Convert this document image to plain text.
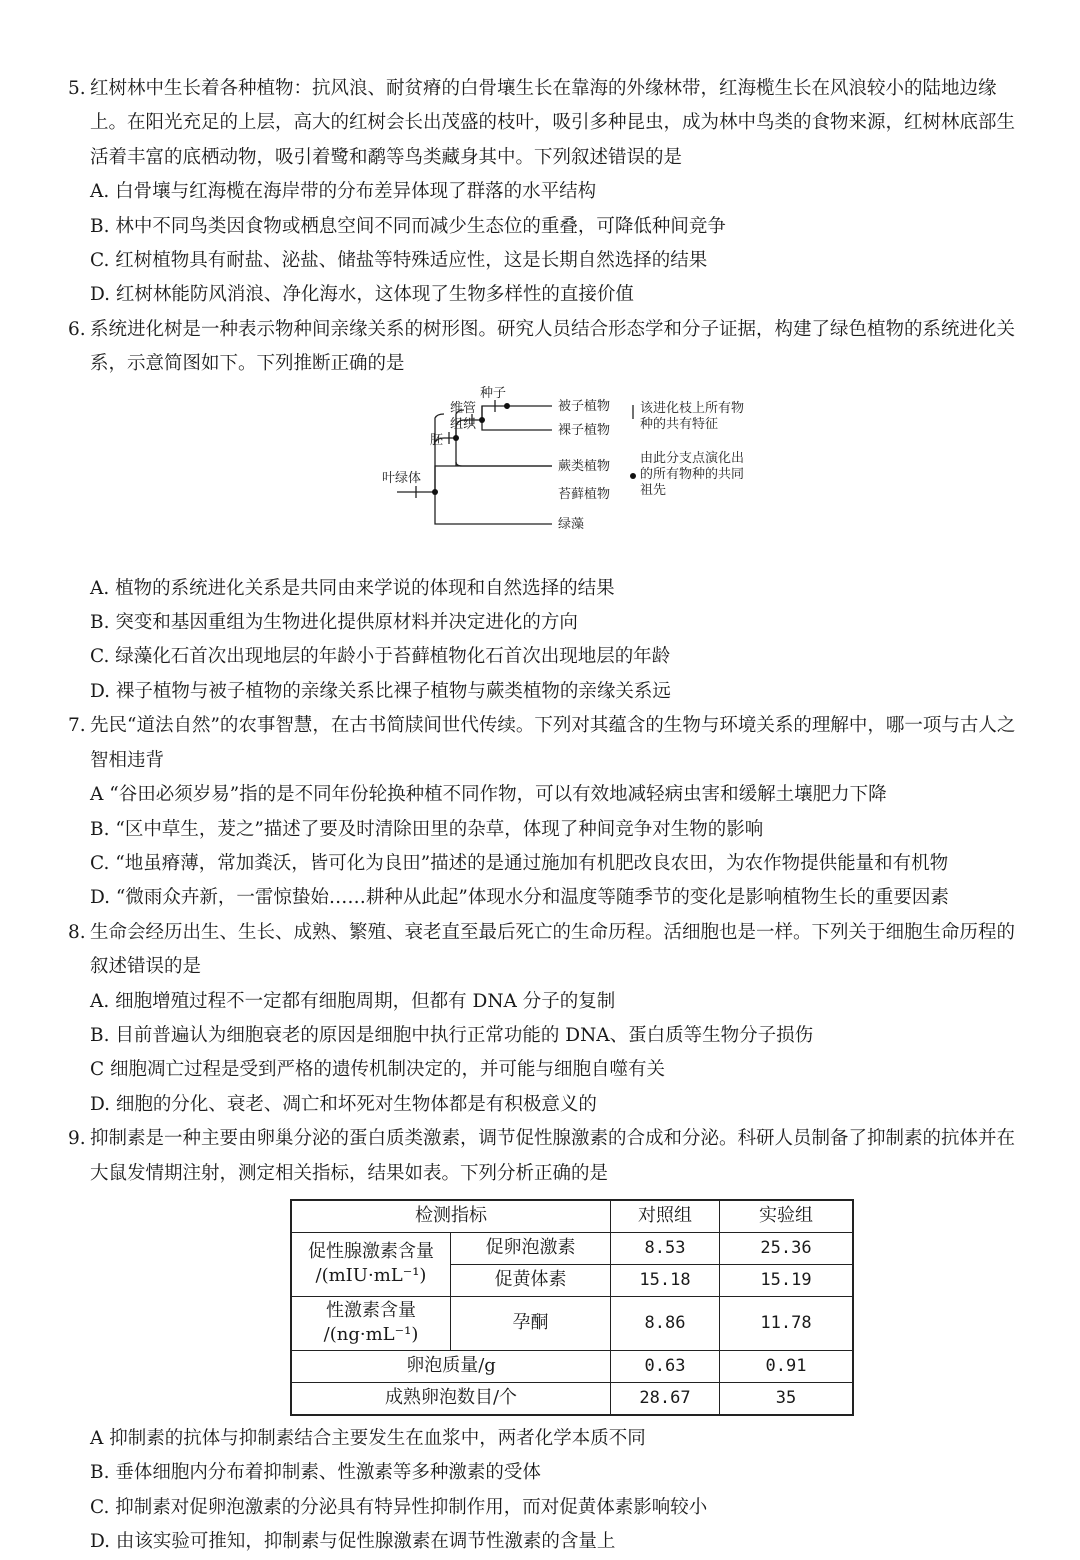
5. 红树林中生长着各种植物：抗风浪、耐贫瘠的白骨壤生长在靠海的外缘林带，红海榄生长在风浪较小的陆地边缘上。在阳光充足的上层，高大的红树会长出茂盛的枝叶，吸引多种昆虫，成为林中鸟类的食物来源，红树林底部生活着丰富的底栖动物，吸引着鹭和鹬等鸟类藏身其中。下列叙述错误的是
A. 白骨壤与红海榄在海岸带的分布差异体现了群落的水平结构
B. 林中不同鸟类因食物或栖息空间不同而减少生态位的重叠，可降低种间竞争
C. 红树植物具有耐盐、泌盐、储盐等特殊适应性，这是长期自然选择的结果
D. 红树林能防风消浪、净化海水，这体现了生物多样性的直接价值
6. 系统进化树是一种表示物种间亲缘关系的树形图。研究人员结合形态学和分子证据，构建了绿色植物的系统进化关系，示意简图如下。下列推断正确的是
叶绿体
胚
维管
组织
种子
被子植物
裸子植物
蕨类植物
苔藓植物
绿藻
该进化枝上所有物
种的共有特征
由此分支点演化出
的所有物种的共同
祖先
A. 植物的系统进化关系是共同由来学说的体现和自然选择的结果
B. 突变和基因重组为生物进化提供原材料并决定进化的方向
C. 绿藻化石首次出现地层的年龄小于苔藓植物化石首次出现地层的年龄
D. 裸子植物与被子植物的亲缘关系比裸子植物与蕨类植物的亲缘关系远
7. 先民“道法自然”的农事智慧，在古书简牍间世代传续。下列对其蕴含的生物与环境关系的理解中，哪一项与古人之智相违背
A “谷田必须岁易”指的是不同年份轮换种植不同作物，可以有效地减轻病虫害和缓解土壤肥力下降
B. “区中草生，茇之”描述了要及时清除田里的杂草，体现了种间竞争对生物的影响
C. “地虽瘠薄，常加粪沃，皆可化为良田”描述的是通过施加有机肥改良农田，为农作物提供能量和有机物
D. “微雨众卉新，一雷惊蛰始……耕种从此起”体现水分和温度等随季节的变化是影响植物生长的重要因素
8. 生命会经历出生、生长、成熟、繁殖、衰老直至最后死亡的生命历程。活细胞也是一样。下列关于细胞生命历程的叙述错误的是
A. 细胞增殖过程不一定都有细胞周期，但都有 DNA 分子的复制
B. 目前普遍认为细胞衰老的原因是细胞中执行正常功能的 DNA、蛋白质等生物分子损伤
C 细胞凋亡过程是受到严格的遗传机制决定的，并可能与细胞自噬有关
D. 细胞的分化、衰老、凋亡和坏死对生物体都是有积极意义的
9. 抑制素是一种主要由卵巢分泌的蛋白质类激素，调节促性腺激素的合成和分泌。科研人员制备了抑制素的抗体并在大鼠发情期注射，测定相关指标，结果如表。下列分析正确的是
检测指标		对照组	实验组

促性腺激素含量
/(mIU·mL⁻¹)	促卵泡激素	8.53	25.36
	促黄体素	15.18	15.19

性激素含量
/(ng·mL⁻¹)	孕酮	8.86	11.78
卵泡质量/g		0.63	0.91
成熟卵泡数目/个		28.67	35
A 抑制素的抗体与抑制素结合主要发生在血浆中，两者化学本质不同
B. 垂体细胞内分布着抑制素、性激素等多种激素的受体
C. 抑制素对促卵泡激素的分泌具有特异性抑制作用，而对促黄体素影响较小
D. 由该实验可推知，抑制素与促性腺激素在调节性激素的含量上
